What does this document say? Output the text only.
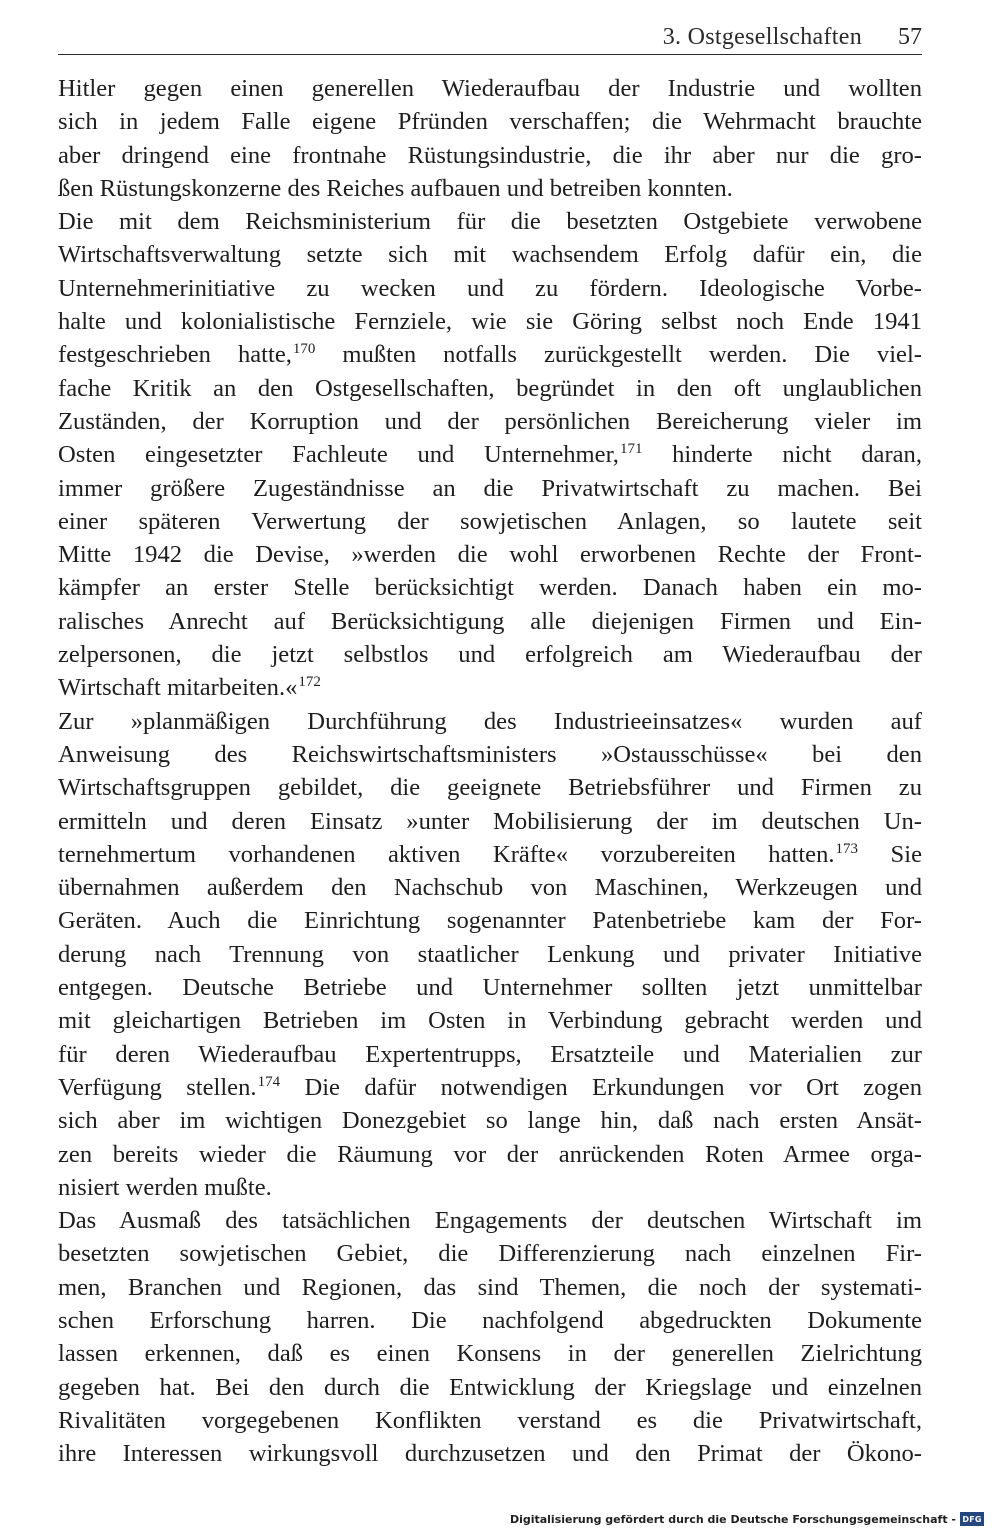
3. Ostgesellschaften 57
Hitler gegen einen generellen Wiederaufbau der Industrie und wollten
sich in jedem Falle eigene Pfründen verschaffen; die Wehrmacht brauchte
aber dringend eine frontnahe Rüstungsindustrie, die ihr aber nur die gro-
ßen Rüstungskonzerne des Reiches aufbauen und betreiben konnten.
Die mit dem Reichsministerium für die besetzten Ostgebiete verwobene
Wirtschaftsverwaltung setzte sich mit wachsendem Erfolg dafür ein, die
Unternehmerinitiative zu wecken und zu fördern. Ideologische Vorbe-
halte und kolonialistische Fernziele, wie sie Göring selbst noch Ende 1941
festgeschrieben hatte,$^{170}$ mußten notfalls zurückgestellt werden. Die viel-
fache Kritik an den Ostgesellschaften, begründet in den oft unglaublichen
Zuständen, der Korruption und der persönlichen Bereicherung vieler im
Osten eingesetzter Fachleute und Unternehmer,$^{171}$ hinderte nicht daran,
immer größere Zugeständnisse an die Privatwirtschaft zu machen. Bei
einer späteren Verwertung der sowjetischen Anlagen, so lautete seit
Mitte 1942 die Devise, »werden die wohl erworbenen Rechte der Front-
kämpfer an erster Stelle berücksichtigt werden. Danach haben ein mo-
ralisches Anrecht auf Berücksichtigung alle diejenigen Firmen und Ein-
zelpersonen, die jetzt selbstlos und erfolgreich am Wiederaufbau der
Wirtschaft mitarbeiten.«$^{172}$
Zur »planmäßigen Durchführung des Industrieeinsatzes« wurden auf
Anweisung des Reichswirtschaftsministers »Ostausschüsse« bei den
Wirtschaftsgruppen gebildet, die geeignete Betriebsführer und Firmen zu
ermitteln und deren Einsatz »unter Mobilisierung der im deutschen Un-
ternehmertum vorhandenen aktiven Kräfte« vorzubereiten hatten.$^{173}$ Sie
übernahmen außerdem den Nachschub von Maschinen, Werkzeugen und
Geräten. Auch die Einrichtung sogenannter Patenbetriebe kam der For-
derung nach Trennung von staatlicher Lenkung und privater Initiative
entgegen. Deutsche Betriebe und Unternehmer sollten jetzt unmittelbar
mit gleichartigen Betrieben im Osten in Verbindung gebracht werden und
für deren Wiederaufbau Expertentrupps, Ersatzteile und Materialien zur
Verfügung stellen.$^{174}$ Die dafür notwendigen Erkundungen vor Ort zogen
sich aber im wichtigen Donezgebiet so lange hin, daß nach ersten Ansät-
zen bereits wieder die Räumung vor der anrückenden Roten Armee orga-
nisiert werden mußte.
Das Ausmaß des tatsächlichen Engagements der deutschen Wirtschaft im
besetzten sowjetischen Gebiet, die Differenzierung nach einzelnen Fir-
men, Branchen und Regionen, das sind Themen, die noch der systemati-
schen Erforschung harren. Die nachfolgend abgedruckten Dokumente
lassen erkennen, daß es einen Konsens in der generellen Zielrichtung
gegeben hat. Bei den durch die Entwicklung der Kriegslage und einzelnen
Rivalitäten vorgegebenen Konflikten verstand es die Privatwirtschaft,
ihre Interessen wirkungsvoll durchzusetzen und den Primat der Ökono-
Digitalisierung gefördert durch die Deutsche Forschungsgemeinschaft - DFG
